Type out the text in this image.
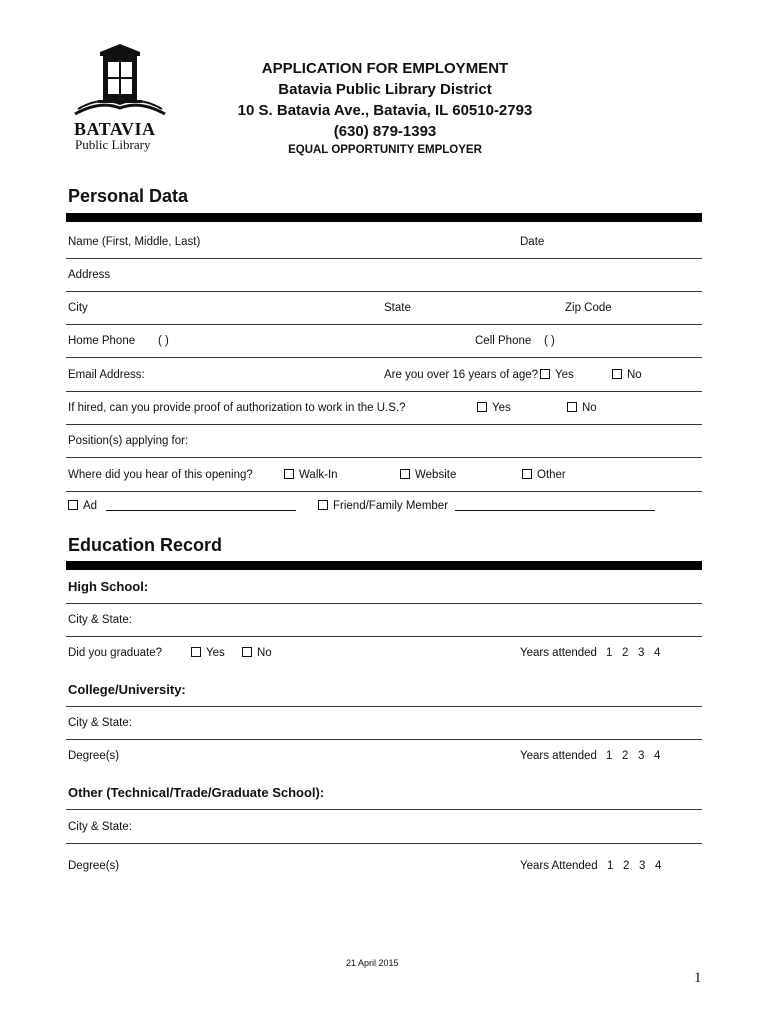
BATAVIA
Public Library
APPLICATION FOR EMPLOYMENT
Batavia Public Library District
10 S. Batavia Ave., Batavia, IL 60510-2793
(630) 879-1393
EQUAL OPPORTUNITY EMPLOYER
Personal Data
Name (First, Middle, Last)	Date
Address
City	State	Zip Code
Home Phone ( )	Cell Phone ( )
Email Address:	Are you over 16 years of age?	Yes	No
If hired, can you provide proof of authorization to work in the U.S.?	Yes	No
Position(s) applying for:
Where did you hear of this opening?	Walk-In	Website	Other
Ad	Friend/Family Member
Education Record
High School:
City & State:
Did you graduate?	Yes	No	Years attended 1   2   3   4
College/University:
City & State:
Degree(s)	Years attended 1   2   3   4
Other (Technical/Trade/Graduate School):
City & State:
Degree(s)	Years Attended 1   2   3   4
21 April 2015
1
